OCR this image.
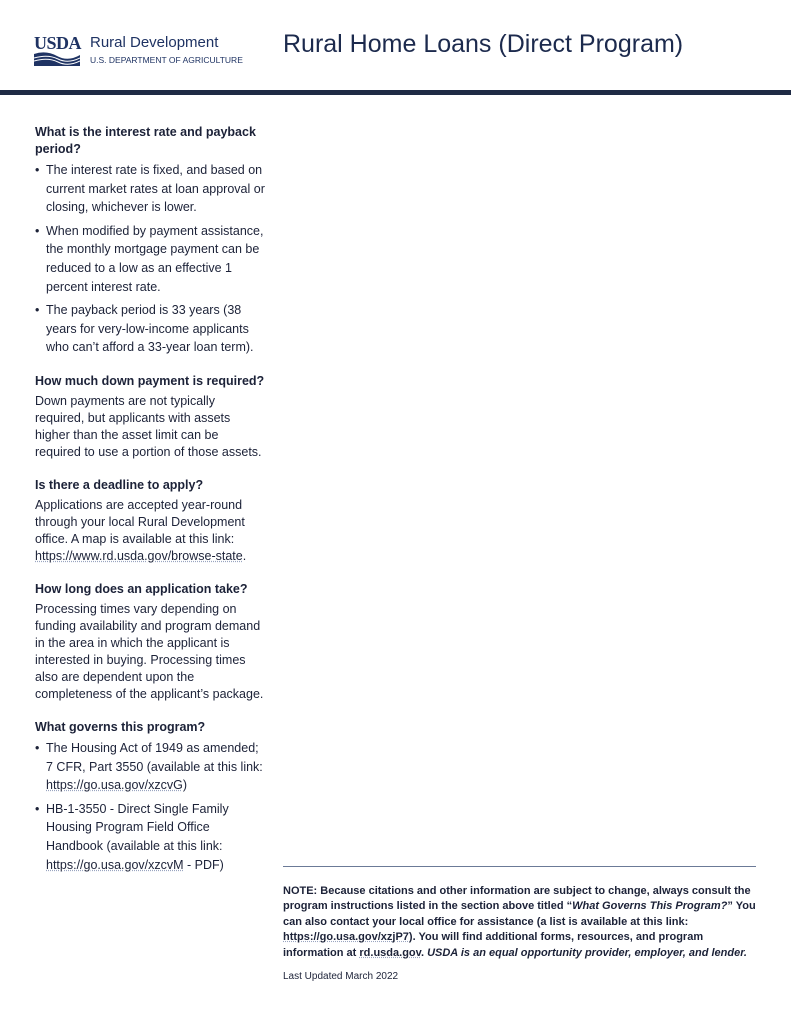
USDA Rural Development
U.S. DEPARTMENT OF AGRICULTURE
Rural Home Loans (Direct Program)

What is the interest rate and payback period?

• The interest rate is fixed, and based on current market rates at loan approval or closing, whichever is lower.
• When modified by payment assistance, the monthly mortgage payment can be reduced to a low as an effective 1 percent interest rate.
• The payback period is 33 years (38 years for very-low-income applicants who can’t afford a 33-year loan term).

How much down payment is required?

Down payments are not typically required, but applicants with assets higher than the asset limit can be required to use a portion of those assets.

Is there a deadline to apply?

Applications are accepted year-round through your local Rural Development office. A map is available at this link: https://www.rd.usda.gov/browse-state.

How long does an application take?

Processing times vary depending on funding availability and program demand in the area in which the applicant is interested in buying. Processing times also are dependent upon the completeness of the applicant’s package.

What governs this program?

• The Housing Act of 1949 as amended; 7 CFR, Part 3550 (available at this link: https://go.usa.gov/xzcvG)
• HB-1-3550 - Direct Single Family Housing Program Field Office Handbook (available at this link: https://go.usa.gov/xzcvM - PDF)

NOTE: Because citations and other information are subject to change, always consult the program instructions listed in the section above titled “What Governs This Program?” You can also contact your local office for assistance (a list is available at this link: https://go.usa.gov/xzjP7). You will find additional forms, resources, and program information at rd.usda.gov. USDA is an equal opportunity provider, employer, and lender.

Last Updated March 2022
